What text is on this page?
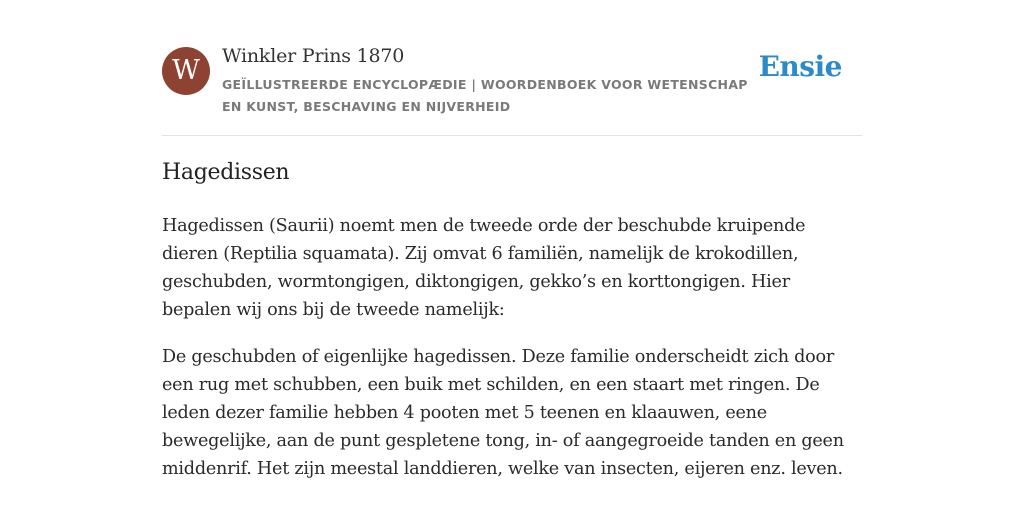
W	Winkler Prins 1870
GEÏLLUSTREERDE ENCYCLOPÆDIE | WOORDENBOEK VOOR WETENSCHAP EN KUNST, BESCHAVING EN NIJVERHEID
Ensie
Hagedissen

Hagedissen (Saurii) noemt men de tweede orde der beschubde kruipende dieren (Reptilia squamata). Zij omvat 6 familiën, namelijk de krokodillen, geschubden, wormtongigen, diktongigen, gekko’s en korttongigen. Hier bepalen wij ons bij de tweede namelijk:

De geschubden of eigenlijke hagedissen. Deze familie onderscheidt zich door een rug met schubben, een buik met schilden, en een staart met ringen. De leden dezer familie hebben 4 pooten met 5 teenen en klaauwen, eene bewegelijke, aan de punt gespletene tong, in- of aangegroeide tanden en geen middenrif. Het zijn meestal landdieren, welke van insecten, eijeren enz. leven.
